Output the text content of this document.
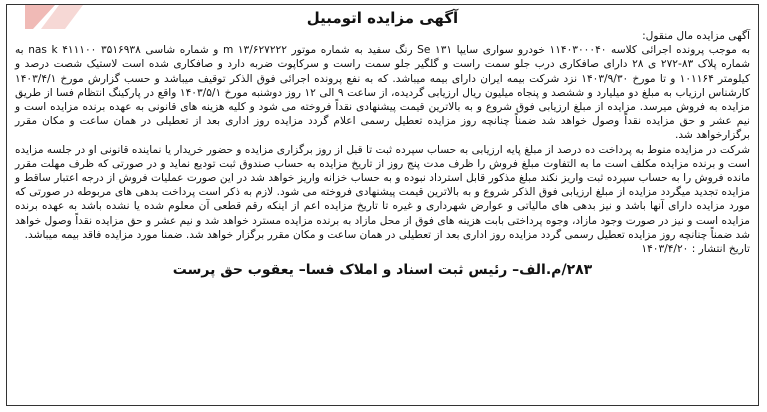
آگهی مزایده اتومبیل

آگهی مزایده مال منقول:

به موجب پرونده اجرائی کلاسه ۱۱۴۰۳۰۰۰۴۰ خودرو سواری سایپا ۱۳۱ Se رنگ سفید به شماره موتور m ۱۳/۶۲۷۲۲۲ و شماره شاسی nas k ۴۱۱۱۰۰ ۳۵۱۶۹۳۸ به شماره پلاک ۸۳-۲۷۲ ی ۲۸ دارای صافکاری درب جلو سمت راست و گلگیر جلو سمت راست و سرکاپوت ضربه دارد و صافکاری شده است لاستیک شصت درصد و کیلومتر ۱۰۱۱۶۴ و تا مورخ ۱۴۰۳/۹/۳۰ نزد شرکت بیمه ایران دارای بیمه میباشد. که به نفع پرونده اجرائی فوق الذکر توقیف میباشد و حسب گزارش مورخ ۱۴۰۳/۴/۱ کارشناس ارزیاب به مبلغ دو میلیارد و ششصد و پنجاه میلیون ریال ارزیابی گردیده، از ساعت ۹ الی ۱۲ روز دوشنبه مورخ ۱۴۰۳/۵/۱ واقع در پارکینگ انتظام فسا از طریق مزایده به فروش میرسد. مزایده از مبلغ ارزیابی فوق شروع و به بالاترین قیمت پیشنهادی نقداً فروخته می شود و کلیه هزینه های قانونی به عهده برنده مزایده است و نیم عشر و حق مزایده نقداً وصول خواهد شد ضمناً چنانچه روز مزایده تعطیل رسمی اعلام گردد مزایده روز اداری بعد از تعطیلی در همان ساعت و مکان مقرر برگزارخواهد شد.

شرکت در مزایده منوط به پرداخت ده درصد از مبلغ پایه ارزیابی به حساب سپرده ثبت تا قبل از روز برگزاری مزایده و حضور خریدار یا نماینده قانونی او در جلسه مزایده است و برنده مزایده مکلف است ما به التفاوت مبلغ فروش را ظرف مدت پنج روز از تاریخ مزایده به حساب صندوق ثبت تودیع نماید و در صورتی که ظرف مهلت مقرر مانده فروش را به حساب سپرده ثبت واریز نکند مبلغ مذکور قابل استرداد نبوده و به حساب خزانه واریز خواهد شد در این صورت عملیات فروش از درجه اعتبار ساقط و مزایده تجدید میگردد مزایده از مبلغ ارزیابی فوق الذکر شروع و به بالاترین قیمت پیشنهادی فروخته می شود. لازم به ذکر است پرداخت بدهی های مربوطه در صورتی که مورد مزایده دارای آنها باشد و نیز بدهی های مالیاتی و عوارض شهرداری و غیره تا تاریخ مزایده اعم از اینکه رقم قطعی آن معلوم شده یا نشده باشد به عهده برنده مزایده است و نیز در صورت وجود مازاد، وجوه پرداختی بابت هزینه های فوق از محل مازاد به برنده مزایده مسترد خواهد شد و نیم عشر و حق مزایده نقداً وصول خواهد شد ضمناً چنانچه روز مزایده تعطیل رسمی گردد مزایده روز اداری بعد از تعطیلی در همان ساعت و مکان مقرر برگزار خواهد شد. ضمنا مورد مزایده فاقد بیمه میباشد.

تاریخ انتشار : ۱۴۰۳/۴/۲۰

۲۸۳/م.الف– رئیس ثبت اسناد و املاک فسا– یعقوب حق پرست
